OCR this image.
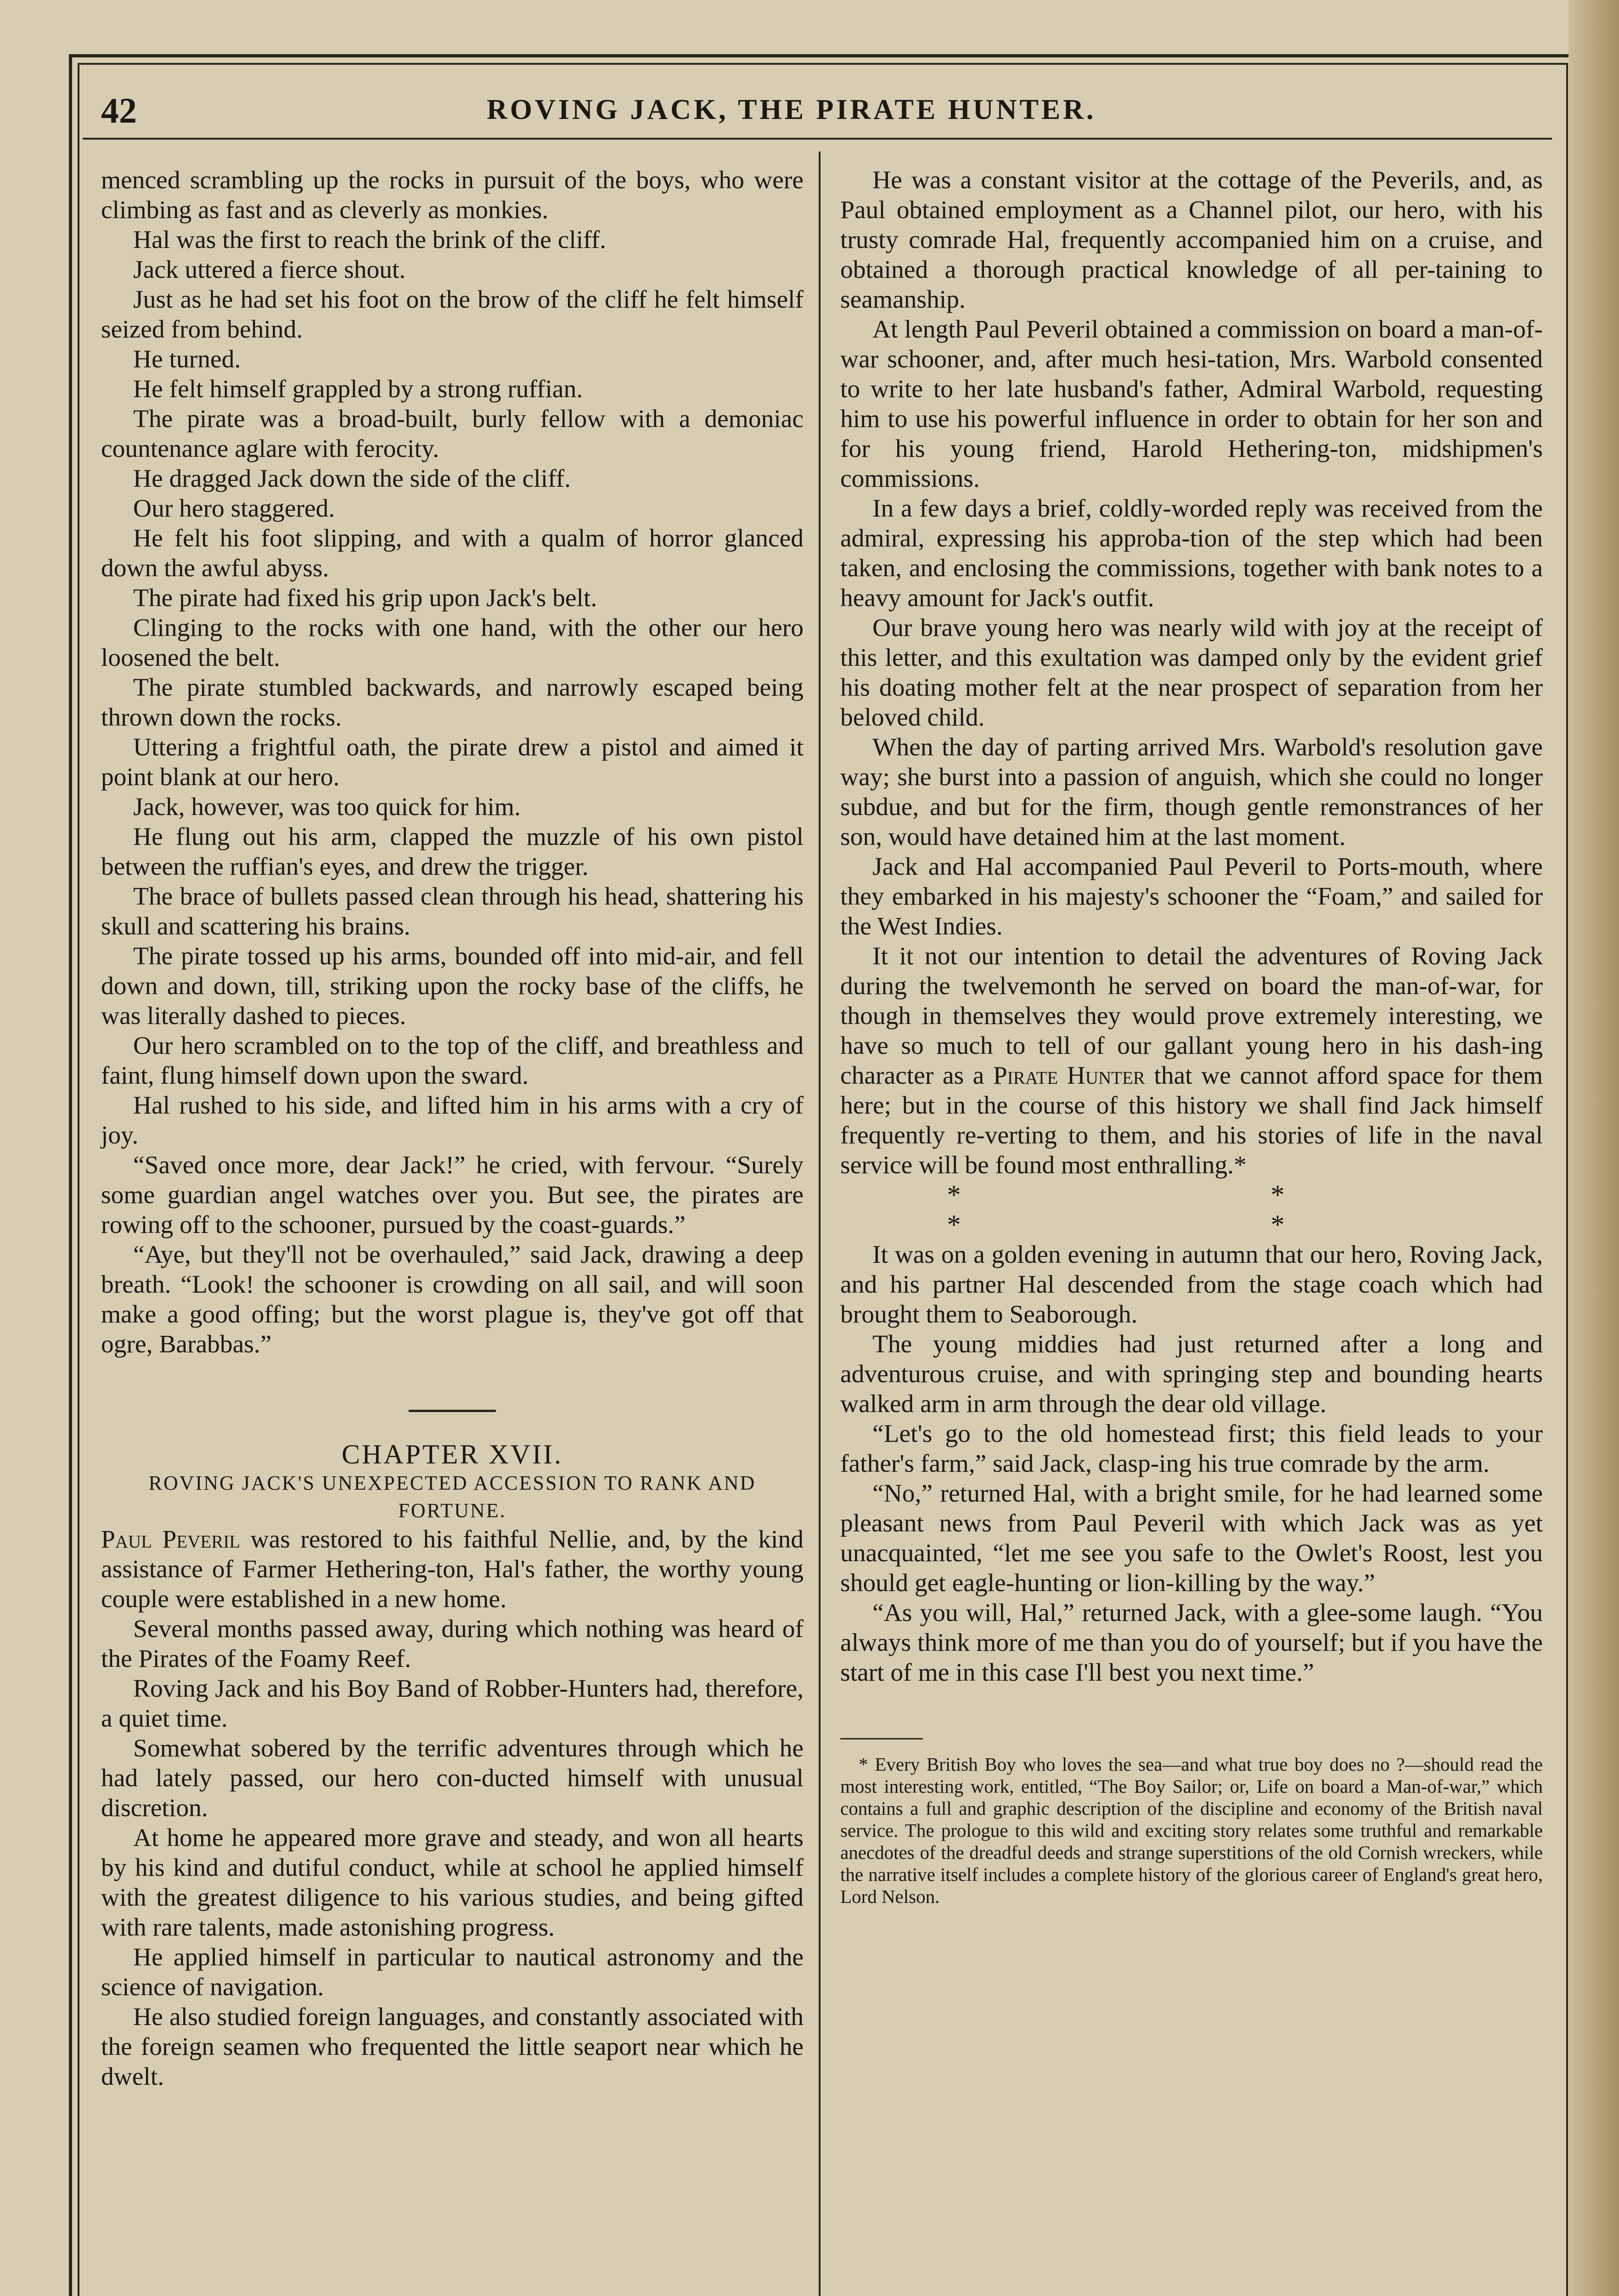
42	ROVING JACK, THE PIRATE HUNTER.

menced scrambling up the rocks in pursuit of the boys, who were climbing as fast and as cleverly as monkies.

Hal was the first to reach the brink of the cliff.

Jack uttered a fierce shout.

Just as he had set his foot on the brow of the cliff he felt himself seized from behind.

He turned.

He felt himself grappled by a strong ruffian.

The pirate was a broad-built, burly fellow with a demoniac countenance aglare with ferocity.

He dragged Jack down the side of the cliff.

Our hero staggered.

He felt his foot slipping, and with a qualm of horror glanced down the awful abyss.

The pirate had fixed his grip upon Jack's belt.

Clinging to the rocks with one hand, with the other our hero loosened the belt.

The pirate stumbled backwards, and narrowly escaped being thrown down the rocks.

Uttering a frightful oath, the pirate drew a pistol and aimed it point blank at our hero.

Jack, however, was too quick for him.

He flung out his arm, clapped the muzzle of his own pistol between the ruffian's eyes, and drew the trigger.

The brace of bullets passed clean through his head, shattering his skull and scattering his brains.

The pirate tossed up his arms, bounded off into mid-air, and fell down and down, till, striking upon the rocky base of the cliffs, he was literally dashed to pieces.

Our hero scrambled on to the top of the cliff, and breathless and faint, flung himself down upon the sward.

Hal rushed to his side, and lifted him in his arms with a cry of joy.

“Saved once more, dear Jack!” he cried, with fervour. “Surely some guardian angel watches over you. But see, the pirates are rowing off to the schooner, pursued by the coast-guards.”

“Aye, but they'll not be overhauled,” said Jack, drawing a deep breath. “Look! the schooner is crowding on all sail, and will soon make a good offing; but the worst plague is, they've got off that ogre, Barabbas.”

CHAPTER XVII.

ROVING JACK'S UNEXPECTED ACCESSION TO RANK AND FORTUNE.

Paul Peveril was restored to his faithful Nellie, and, by the kind assistance of Farmer Hethering-ton, Hal's father, the worthy young couple were established in a new home.

Several months passed away, during which nothing was heard of the Pirates of the Foamy Reef.

Roving Jack and his Boy Band of Robber-Hunters had, therefore, a quiet time.

Somewhat sobered by the terrific adventures through which he had lately passed, our hero con-ducted himself with unusual discretion.

At home he appeared more grave and steady, and won all hearts by his kind and dutiful conduct, while at school he applied himself with the greatest diligence to his various studies, and being gifted with rare talents, made astonishing progress.

He applied himself in particular to nautical astronomy and the science of navigation.

He also studied foreign languages, and constantly associated with the foreign seamen who frequented the little seaport near which he dwelt.

He was a constant visitor at the cottage of the Peverils, and, as Paul obtained employment as a Channel pilot, our hero, with his trusty comrade Hal, frequently accompanied him on a cruise, and obtained a thorough practical knowledge of all per-taining to seamanship.

At length Paul Peveril obtained a commission on board a man-of-war schooner, and, after much hesi-tation, Mrs. Warbold consented to write to her late husband's father, Admiral Warbold, requesting him to use his powerful influence in order to obtain for her son and for his young friend, Harold Hethering-ton, midshipmen's commissions.

In a few days a brief, coldly-worded reply was received from the admiral, expressing his approba-tion of the step which had been taken, and enclosing the commissions, together with bank notes to a heavy amount for Jack's outfit.

Our brave young hero was nearly wild with joy at the receipt of this letter, and this exultation was damped only by the evident grief his doating mother felt at the near prospect of separation from her beloved child.

When the day of parting arrived Mrs. Warbold's resolution gave way; she burst into a passion of anguish, which she could no longer subdue, and but for the firm, though gentle remonstrances of her son, would have detained him at the last moment.

Jack and Hal accompanied Paul Peveril to Ports-mouth, where they embarked in his majesty's schooner the “Foam,” and sailed for the West Indies.

It it not our intention to detail the adventures of Roving Jack during the twelvemonth he served on board the man-of-war, for though in themselves they would prove extremely interesting, we have so much to tell of our gallant young hero in his dash-ing character as a Pirate Hunter that we cannot afford space for them here; but in the course of this history we shall find Jack himself frequently re-verting to them, and his stories of life in the naval service will be found most enthralling.*

* * * *

It was on a golden evening in autumn that our hero, Roving Jack, and his partner Hal descended from the stage coach which had brought them to Seaborough.

The young middies had just returned after a long and adventurous cruise, and with springing step and bounding hearts walked arm in arm through the dear old village.

“Let's go to the old homestead first; this field leads to your father's farm,” said Jack, clasp-ing his true comrade by the arm.

“No,” returned Hal, with a bright smile, for he had learned some pleasant news from Paul Peveril with which Jack was as yet unacquainted, “let me see you safe to the Owlet's Roost, lest you should get eagle-hunting or lion-killing by the way.”

“As you will, Hal,” returned Jack, with a glee-some laugh. “You always think more of me than you do of yourself; but if you have the start of me in this case I'll best you next time.”

* Every British Boy who loves the sea—and what true boy does no ?—should read the most interesting work, entitled, “The Boy Sailor; or, Life on board a Man-of-war,” which contains a full and graphic description of the discipline and economy of the British naval service. The prologue to this wild and exciting story relates some truthful and remarkable anecdotes of the dreadful deeds and strange superstitions of the old Cornish wreckers, while the narrative itself includes a complete history of the glorious career of England's great hero, Lord Nelson.
